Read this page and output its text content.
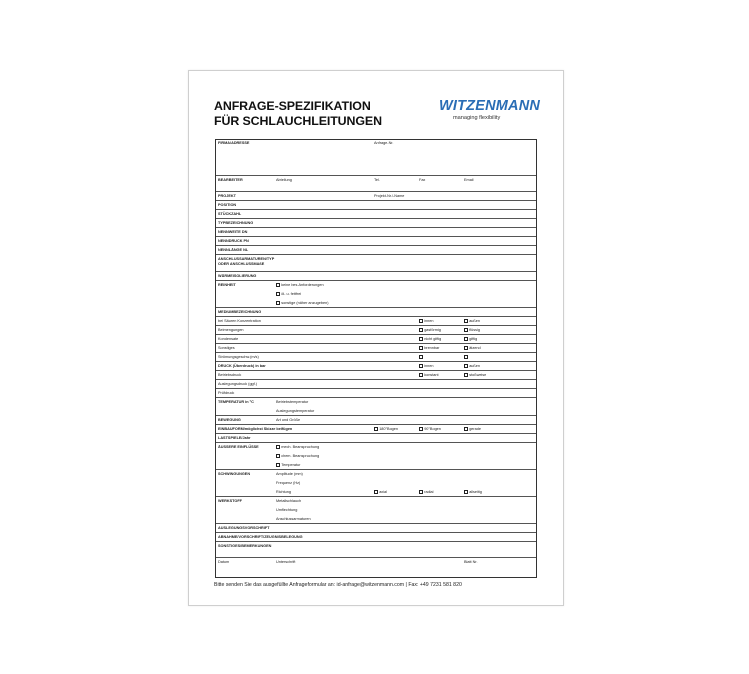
ANFRAGE-SPEZIFIKATION
FÜR SCHLAUCHLEITUNGEN
WITZENMANN
managing flexibility
FIRMA/ADRESSE	Anfrage-Nr.
BEARBEITER	Abteilung	Tel.	Fax	Email
PROJEKT	Projekt-Nr./-Name
POSITION
STÜCKZAHL
TYPBEZEICHNUNG
NENNWEITE DN
NENNDRUCK PN
NENNLÄNGE NL
ANSCHLUSSARMATUREN/TYP
ODER ANSCHLUSSMAßE
WÄRMEISOLIERUNG
REINHEIT	keine bes.Anforderungen
öl- u. fettfrei
sonstige (näher anzugeben)
MEDIUMBEZEICHNUNG
bei Säuren Konzentration	innen	außen
Beimengungen	gasförmig	flüssig
Kondensate	nicht giftig	giftig
Sonstiges	brennbar	ätzend
Strömungsgeschw.(m/s)
DRUCK (Überdruck) in bar	innen	außen
Betriebsdruck	konstant	stoßweise
Auslegungsdruck (ggf.)
Prüfdruck
TEMPERATUR in °C	Betriebstemperatur
Auslegungstemperatur
BEWEGUNG	Art und Größe
EINBAUFORM/möglichst Skizze beifügen	180°Bogen	90°Bogen	gerade
LASTSPIELE/Jahr
ÄUSSERE EINFLÜSSE	mech. Beanspruchung
chem. Beanspruchung
Temperatur
SCHWINGUNGEN	Amplitude (mm)
Frequenz (Hz)
Richtung	axial	radial	allseitig
WERKSTOFF	Metallschlauch
Umflechtung
Anschlussarmaturen
AUSLEGUNGSVORSCHRIFT
ABNAHME/VORSCHRIFT/ZEUGNISBELEGUNG
SONSTIGES/BEMERKUNGEN
Datum	Unterschrift	Blatt Nr.
Bitte senden Sie das ausgefüllte Anfrageformular an: id-anfrage@witzenmann.com | Fax: +49 7231 581 820
